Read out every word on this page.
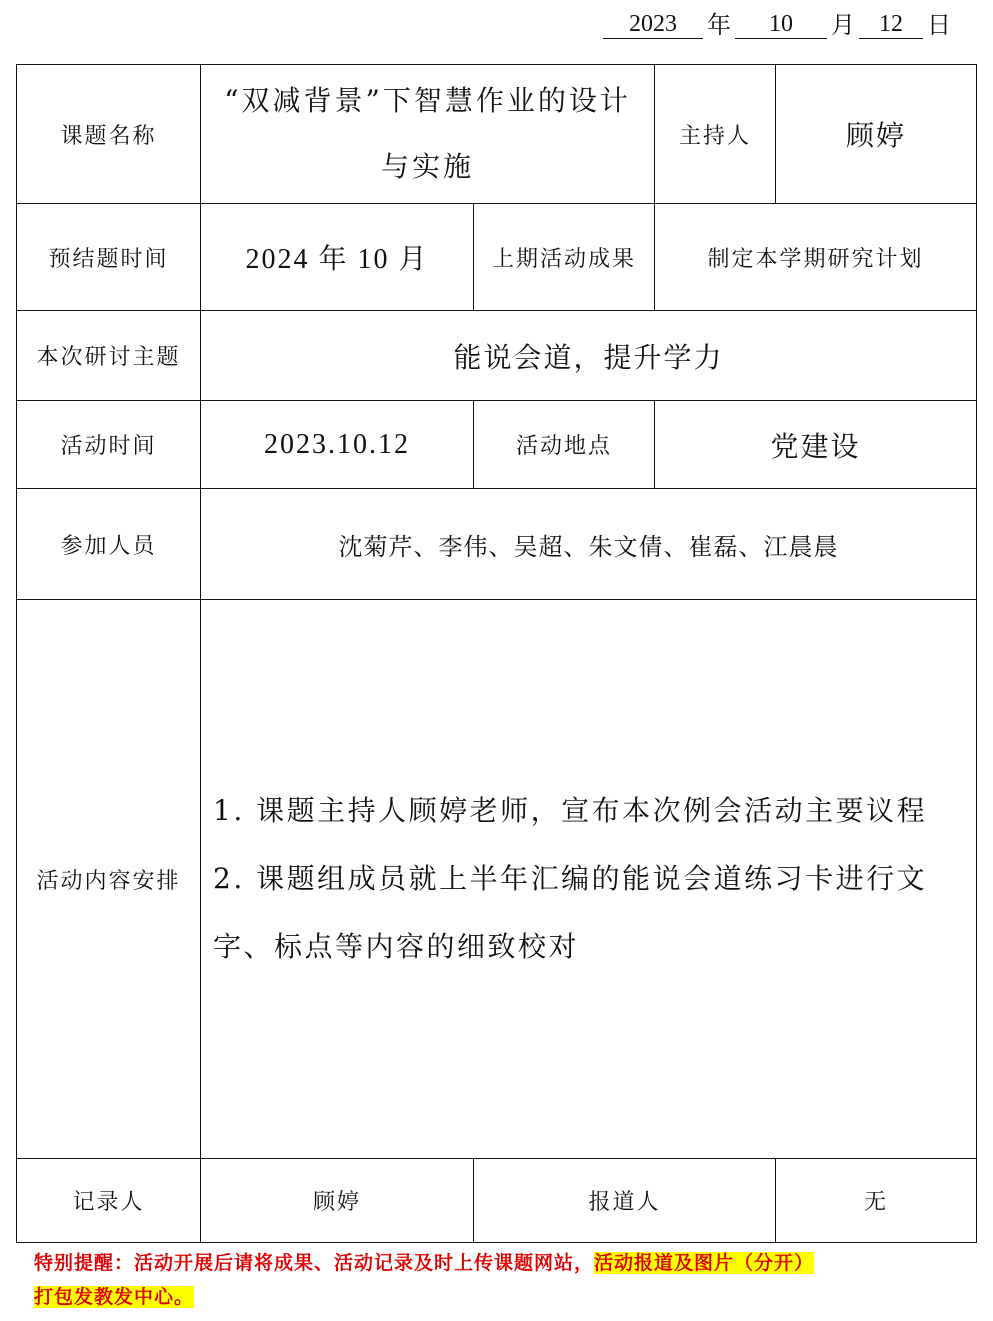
2023	年	10	月	12	日
课题名称	“双减背景”下智慧作业的设计与实施		主持人	顾婷
预结题时间	2024 年 10 月	上期活动成果	制定本学期研究计划	
本次研讨主题	能说会道，提升学力			
活动时间	2023.10.12	活动地点	党建设	
参加人员	沈菊芹、李伟、吴超、朱文倩、崔磊、江晨晨			
活动内容安排	1. 课题主持人顾婷老师，宣布本次例会活动主要议程
2. 课题组成员就上半年汇编的能说会道练习卡进行文
字、标点等内容的细致校对			

记录人	顾婷	报道人		无
特别提醒：活动开展后请将成果、活动记录及时上传课题网站，活动报道及图片（分开）
打包发教发中心。
